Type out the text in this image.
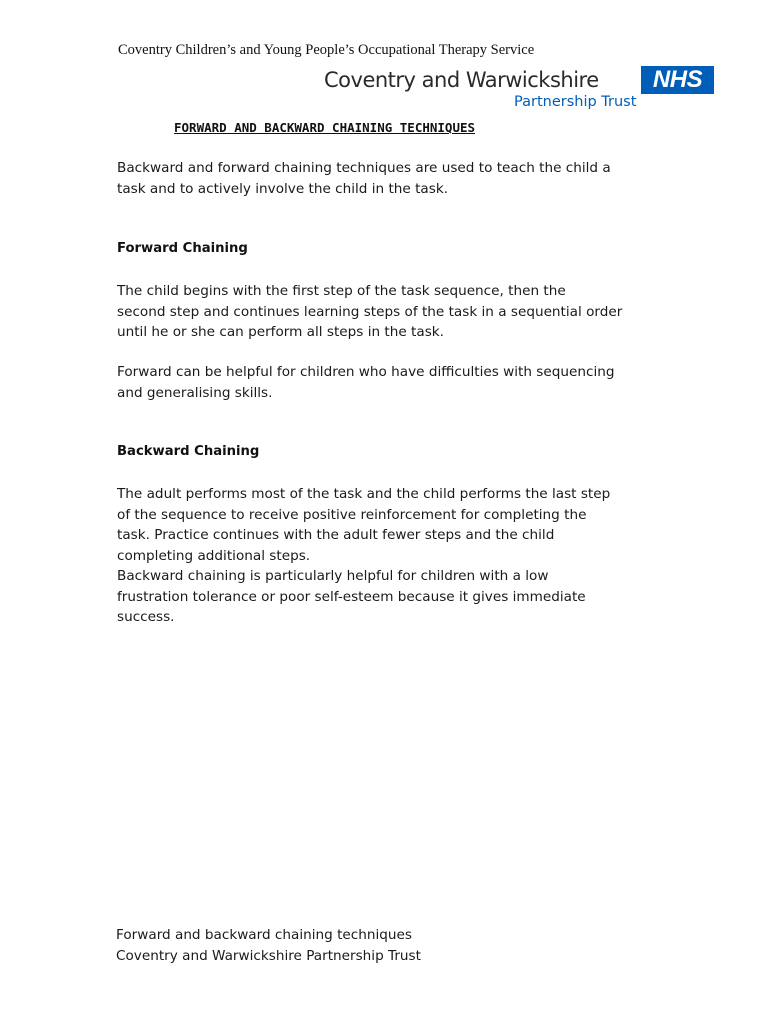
Coventry Children’s and Young People’s Occupational Therapy Service
Coventry and Warwickshire	NHS
Partnership Trust
FORWARD AND BACKWARD CHAINING TECHNIQUES

Backward and forward chaining techniques are used to teach the child a
task and to actively involve the child in the task.

Forward Chaining

The child begins with the first step of the task sequence, then the
second step and continues learning steps of the task in a sequential order
until he or she can perform all steps in the task.

Forward can be helpful for children who have difficulties with sequencing
and generalising skills.

Backward Chaining

The adult performs most of the task and the child performs the last step
of the sequence to receive positive reinforcement for completing the
task. Practice continues with the adult fewer steps and the child
completing additional steps.
Backward chaining is particularly helpful for children with a low
frustration tolerance or poor self-esteem because it gives immediate
success.

Forward and backward chaining techniques
Coventry and Warwickshire Partnership Trust
